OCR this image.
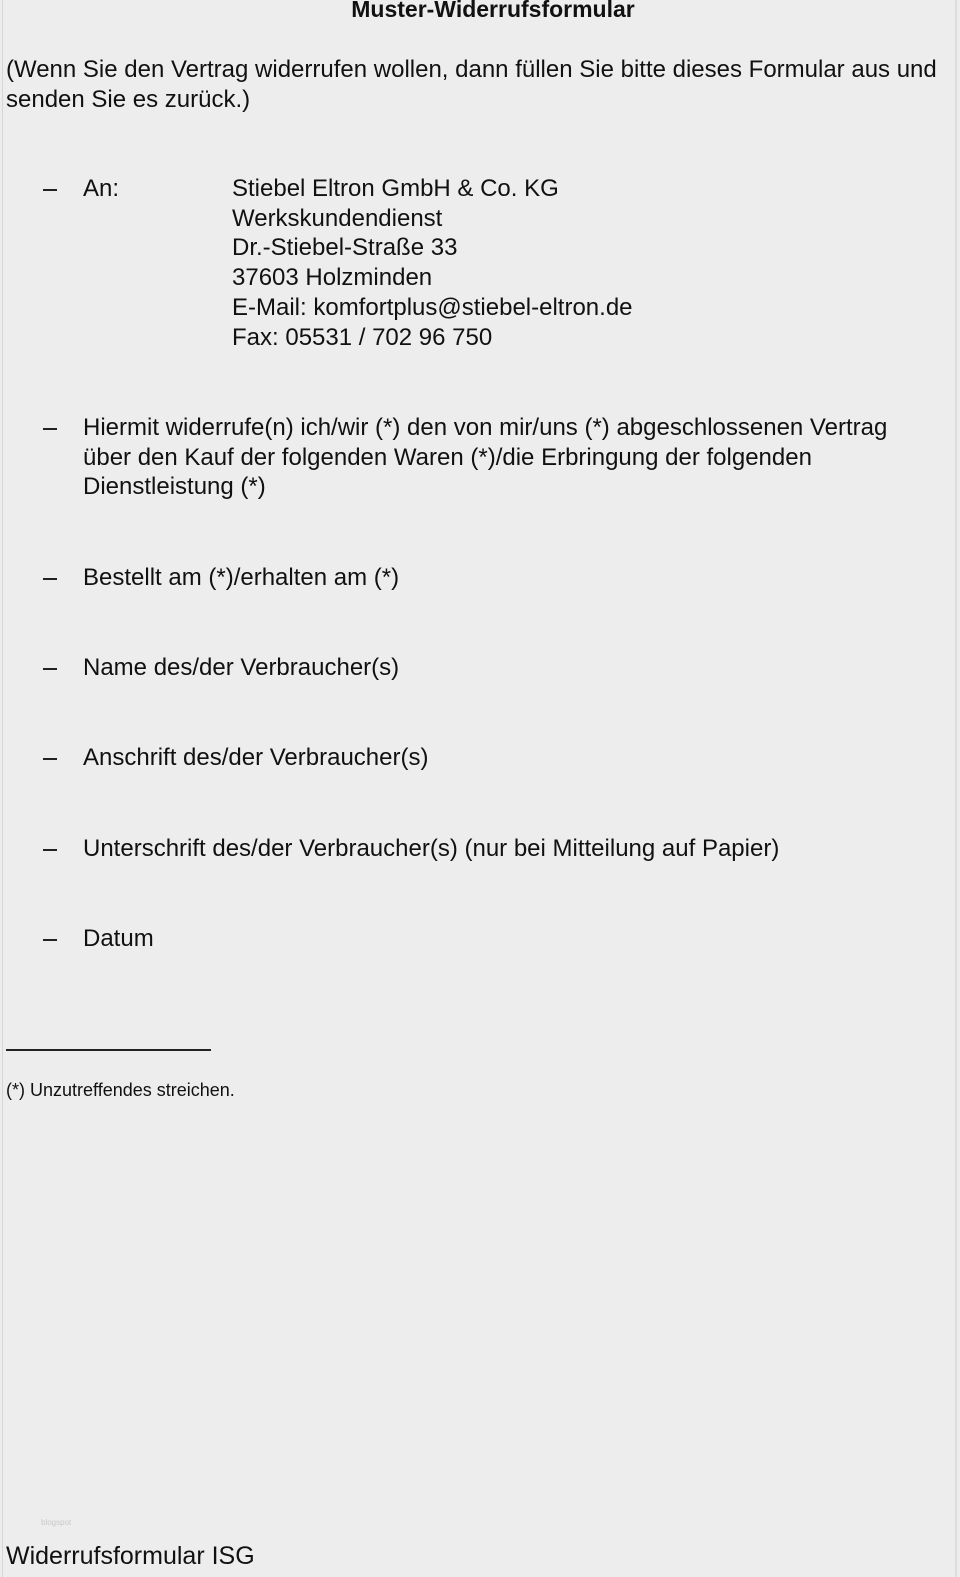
Muster-Widerrufsformular
(Wenn Sie den Vertrag widerrufen wollen, dann füllen Sie bitte dieses Formular aus und senden Sie es zurück.)
An:	Stiebel Eltron GmbH & Co. KG
Werkskundendienst
Dr.-Stiebel-Straße 33
37603 Holzminden
E-Mail: komfortplus@stiebel-eltron.de
Fax: 05531 / 702 96 750
Hiermit widerrufe(n) ich/wir (*) den von mir/uns (*) abgeschlossenen Vertrag
über den Kauf der folgenden Waren (*)/die Erbringung der folgenden
Dienstleistung (*)
Bestellt am (*)/erhalten am (*)
Name des/der Verbraucher(s)
Anschrift des/der Verbraucher(s)
Unterschrift des/der Verbraucher(s) (nur bei Mitteilung auf Papier)
Datum
(*) Unzutreffendes streichen.
blogspot
Widerrufsformular ISG
